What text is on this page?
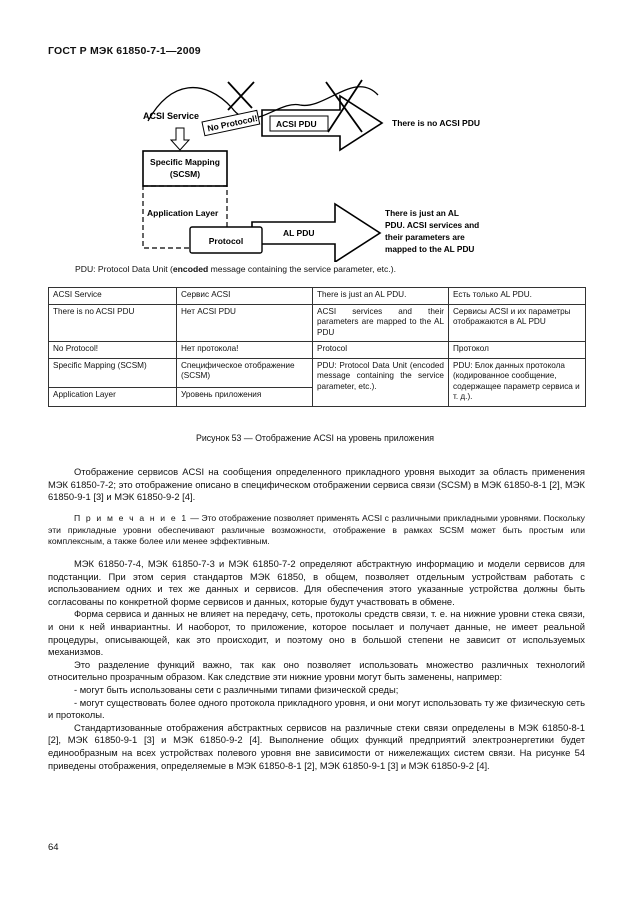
ГОСТ Р МЭК 61850-7-1—2009
No Protocol! ACSI PDU
ACSI Service
There is no ACSI PDU
Specific Mapping
(SCSM)
Application Layer
Protocol
AL PDU
There is just an AL
PDU. ACSI services and
their parameters are
mapped to the AL PDU
PDU: Protocol Data Unit (encoded message containing the service parameter, etc.).
ACSI Service	Сервис ACSI	There is just an AL PDU.	Есть только AL PDU.
There is no ACSI PDU	Нет ACSI PDU	ACSI services and their parameters are mapped to the AL PDU	Сервисы ACSI и их параметры отображаются в AL PDU
No Protocol!	Нет протокола!	Protocol	Протокол
Specific Mapping (SCSM)	Специфическое отображение (SCSM)	PDU: Protocol Data Unit (encoded message containing the service parameter, etc.).	PDU: Блок данных протокола (кодированное сообщение, содержащее параметр сервиса и т. д.).
Application Layer	Уровень приложения		
Рисунок 53 — Отображение ACSI на уровень приложения

Отображение сервисов ACSI на сообщения определенного прикладного уровня выходит за область применения МЭК 61850-7-2; это отображение описано в специфическом отображении сервиса связи (SCSM) в МЭК 61850-8-1 [2], МЭК 61850-9-1 [3] и МЭК 61850-9-2 [4].

П р и м е ч а н и е 1 — Это отображение позволяет применять ACSI с различными прикладными уровнями. Поскольку эти прикладные уровни обеспечивают различные возможности, отображение в рамках SCSM может быть простым или комплексным, а также более или менее эффективным.

МЭК 61850-7-4, МЭК 61850-7-3 и МЭК 61850-7-2 определяют абстрактную информацию и модели сервисов для подстанции. При этом серия стандартов МЭК 61850, в общем, позволяет отдельным устройствам работать с использованием одних и тех же данных и сервисов. Для обеспечения этого указанные устройства должны быть согласованы по конкретной форме сервисов и данных, которые будут участвовать в обмене.

Форма сервиса и данных не влияет на передачу, сеть, протоколы средств связи, т. е. на нижние уровни стека связи, и они к ней инвариантны. И наоборот, то приложение, которое посылает и получает данные, не имеет реальной процедуры, описывающей, как это происходит, и поэтому оно в большой степени не зависит от используемых механизмов.

Это разделение функций важно, так как оно позволяет использовать множество различных технологий относительно прозрачным образом. Как следствие эти нижние уровни могут быть заменены, например:

- могут быть использованы сети с различными типами физической среды;

- могут существовать более одного протокола прикладного уровня, и они могут использовать ту же физическую сеть и протоколы.

Стандартизованные отображения абстрактных сервисов на различные стеки связи определены в МЭК 61850-8-1 [2], МЭК 61850-9-1 [3] и МЭК 61850-9-2 [4]. Выполнение общих функций предприятий электроэнергетики будет единообразным на всех устройствах полевого уровня вне зависимости от нижележащих систем связи. На рисунке 54 приведены отображения, определяемые в МЭК 61850-8-1 [2], МЭК 61850-9-1 [3] и МЭК 61850-9-2 [4].

64
